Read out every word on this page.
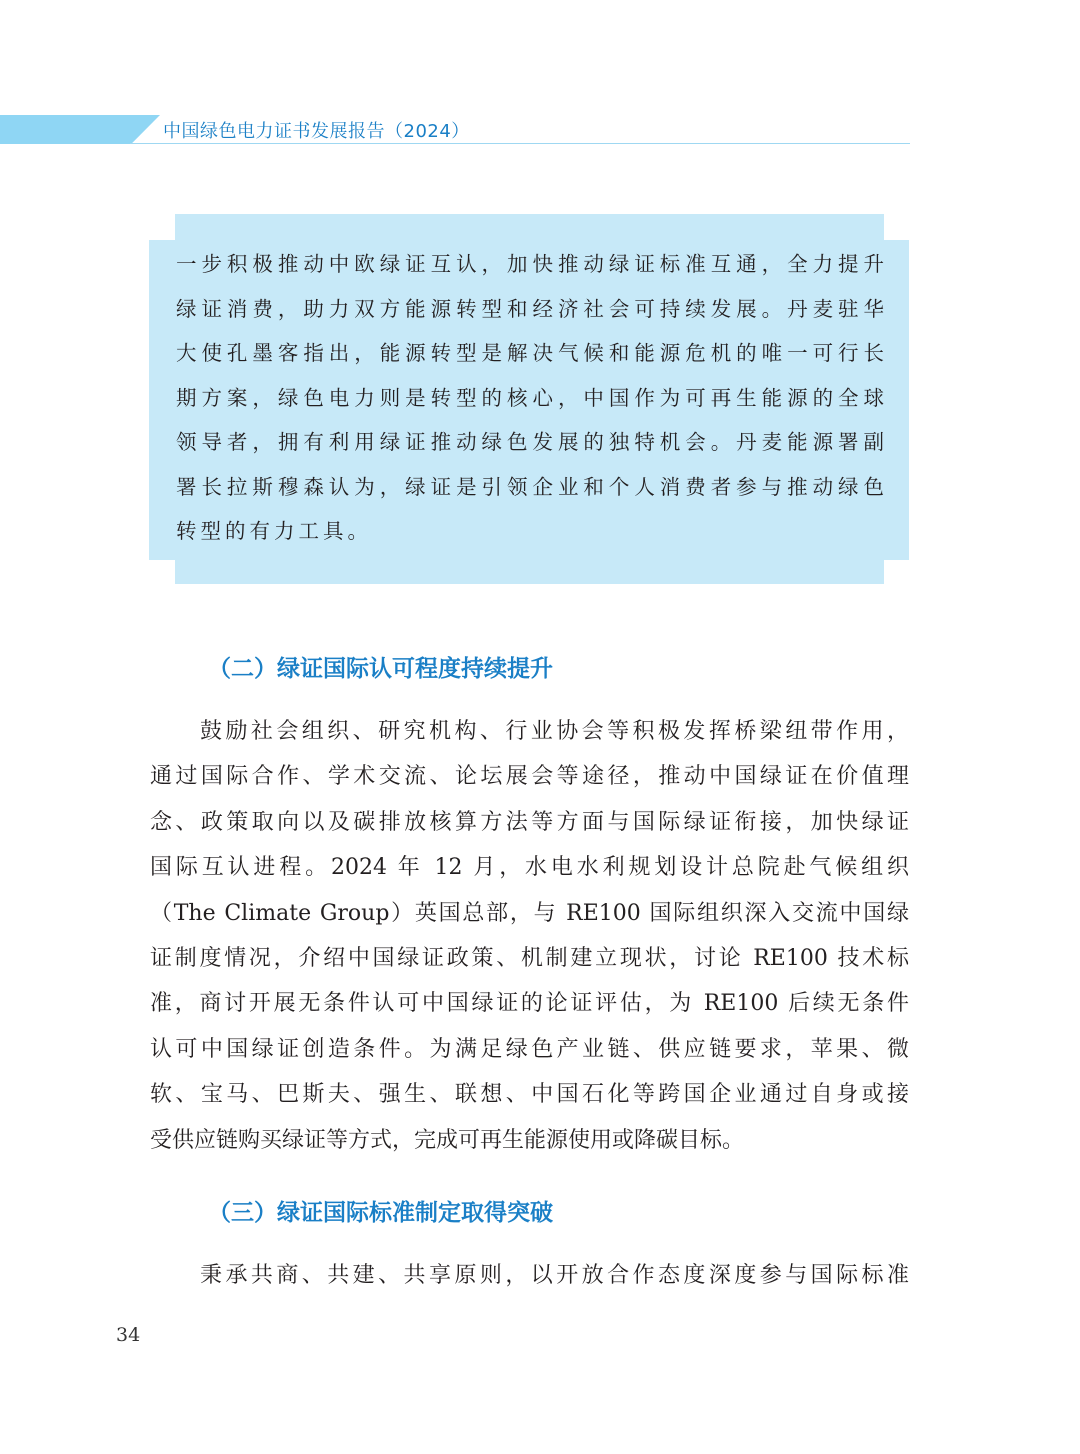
中国绿色电力证书发展报告（2024）
一步积极推动中欧绿证互认，加快推动绿证标准互通，全力提升
绿证消费，助力双方能源转型和经济社会可持续发展。丹麦驻华
大使孔墨客指出，能源转型是解决气候和能源危机的唯一可行长
期方案，绿色电力则是转型的核心，中国作为可再生能源的全球
领导者，拥有利用绿证推动绿色发展的独特机会。丹麦能源署副
署长拉斯穆森认为，绿证是引领企业和个人消费者参与推动绿色
转型的有力工具。
（二）绿证国际认可程度持续提升
鼓励社会组织、研究机构、行业协会等积极发挥桥梁纽带作用，
通过国际合作、学术交流、论坛展会等途径，推动中国绿证在价值理
念、政策取向以及碳排放核算方法等方面与国际绿证衔接，加快绿证
国际互认进程。2024 年 12 月，水电水利规划设计总院赴气候组织
（The Climate Group）英国总部，与 RE100 国际组织深入交流中国绿
证制度情况，介绍中国绿证政策、机制建立现状，讨论 RE100 技术标
准，商讨开展无条件认可中国绿证的论证评估，为 RE100 后续无条件
认可中国绿证创造条件。为满足绿色产业链、供应链要求，苹果、微
软、宝马、巴斯夫、强生、联想、中国石化等跨国企业通过自身或接
受供应链购买绿证等方式，完成可再生能源使用或降碳目标。
（三）绿证国际标准制定取得突破
秉承共商、共建、共享原则，以开放合作态度深度参与国际标准
34
